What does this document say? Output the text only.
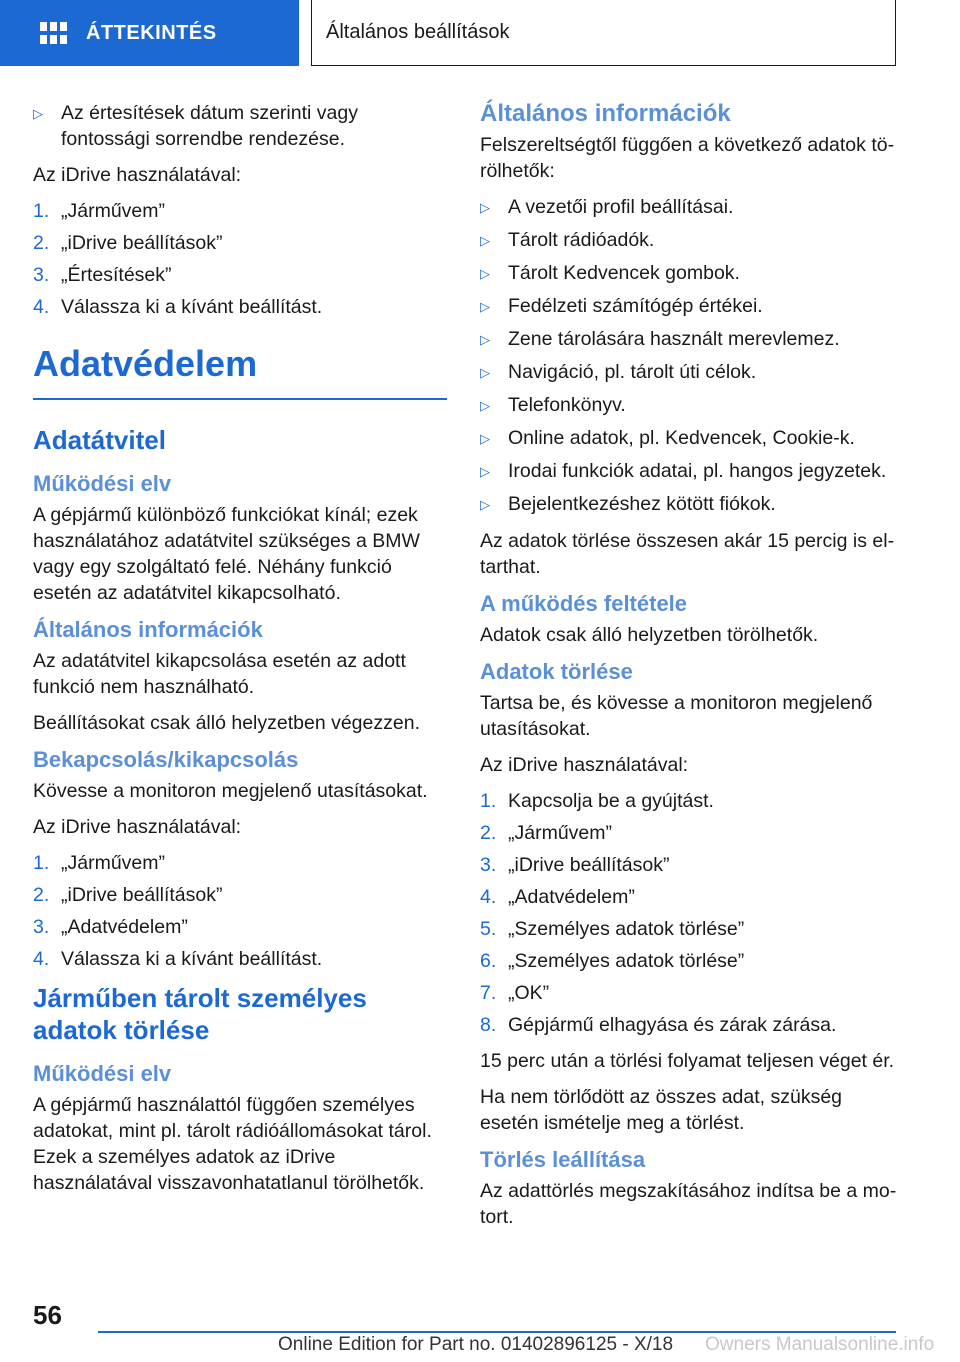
ÁTTEKINTÉS	Általános beállítások
▷ Az értesítések dátum szerinti vagy fontossági sorrendbe rendezése.

Az iDrive használatával:

1. „Járművem”
2. „iDrive beállítások”
3. „Értesítések”
4. Válassza ki a kívánt beállítást.
Adatvédelem
Adatátvitel
Működési elv

A gépjármű különböző funkciókat kínál; ezek használatához adatátvitel szükséges a BMW vagy egy szolgáltató felé. Néhány funkció esetén az adatátvitel kikapcsolható.

Általános információk

Az adatátvitel kikapcsolása esetén az adott funkció nem használható.

Beállításokat csak álló helyzetben végezzen.

Bekapcsolás/kikapcsolás

Kövesse a monitoron megjelenő utasításokat.

Az iDrive használatával:

1. „Járművem”
2. „iDrive beállítások”
3. „Adatvédelem”
4. Válassza ki a kívánt beállítást.
Járműben tárolt személyes adatok törlése
Működési elv

A gépjármű használattól függően személyes adatokat, mint pl. tárolt rádióállomásokat tárol. Ezek a személyes adatok az iDrive használatával visszavonhatatlanul törölhetők.

Általános információk

Felszereltségtől függően a következő adatok törölhetők:

▷ A vezetői profil beállításai.
▷ Tárolt rádióadók.
▷ Tárolt Kedvencek gombok.
▷ Fedélzeti számítógép értékei.
▷ Zene tárolására használt merevlemez.
▷ Navigáció, pl. tárolt úti célok.
▷ Telefonkönyv.
▷ Online adatok, pl. Kedvencek, Cookie-k.
▷ Irodai funkciók adatai, pl. hangos jegyzetek.
▷ Bejelentkezéshez kötött fiókok.

Az adatok törlése összesen akár 15 percig is eltarthat.

A működés feltétele

Adatok csak álló helyzetben törölhetők.

Adatok törlése

Tartsa be, és kövesse a monitoron megjelenő utasításokat.

Az iDrive használatával:

1. Kapcsolja be a gyújtást.
2. „Járművem”
3. „iDrive beállítások”
4. „Adatvédelem”
5. „Személyes adatok törlése”
6. „Személyes adatok törlése”
7. „OK”
8. Gépjármű elhagyása és zárak zárása.

15 perc után a törlési folyamat teljesen véget ér.

Ha nem törlődött az összes adat, szükség esetén ismételje meg a törlést.

Törlés leállítása

Az adattörlés megszakításához indítsa be a motort.

56
Online Edition for Part no. 01402896125 - X/18 Owners Manualsonline.info
